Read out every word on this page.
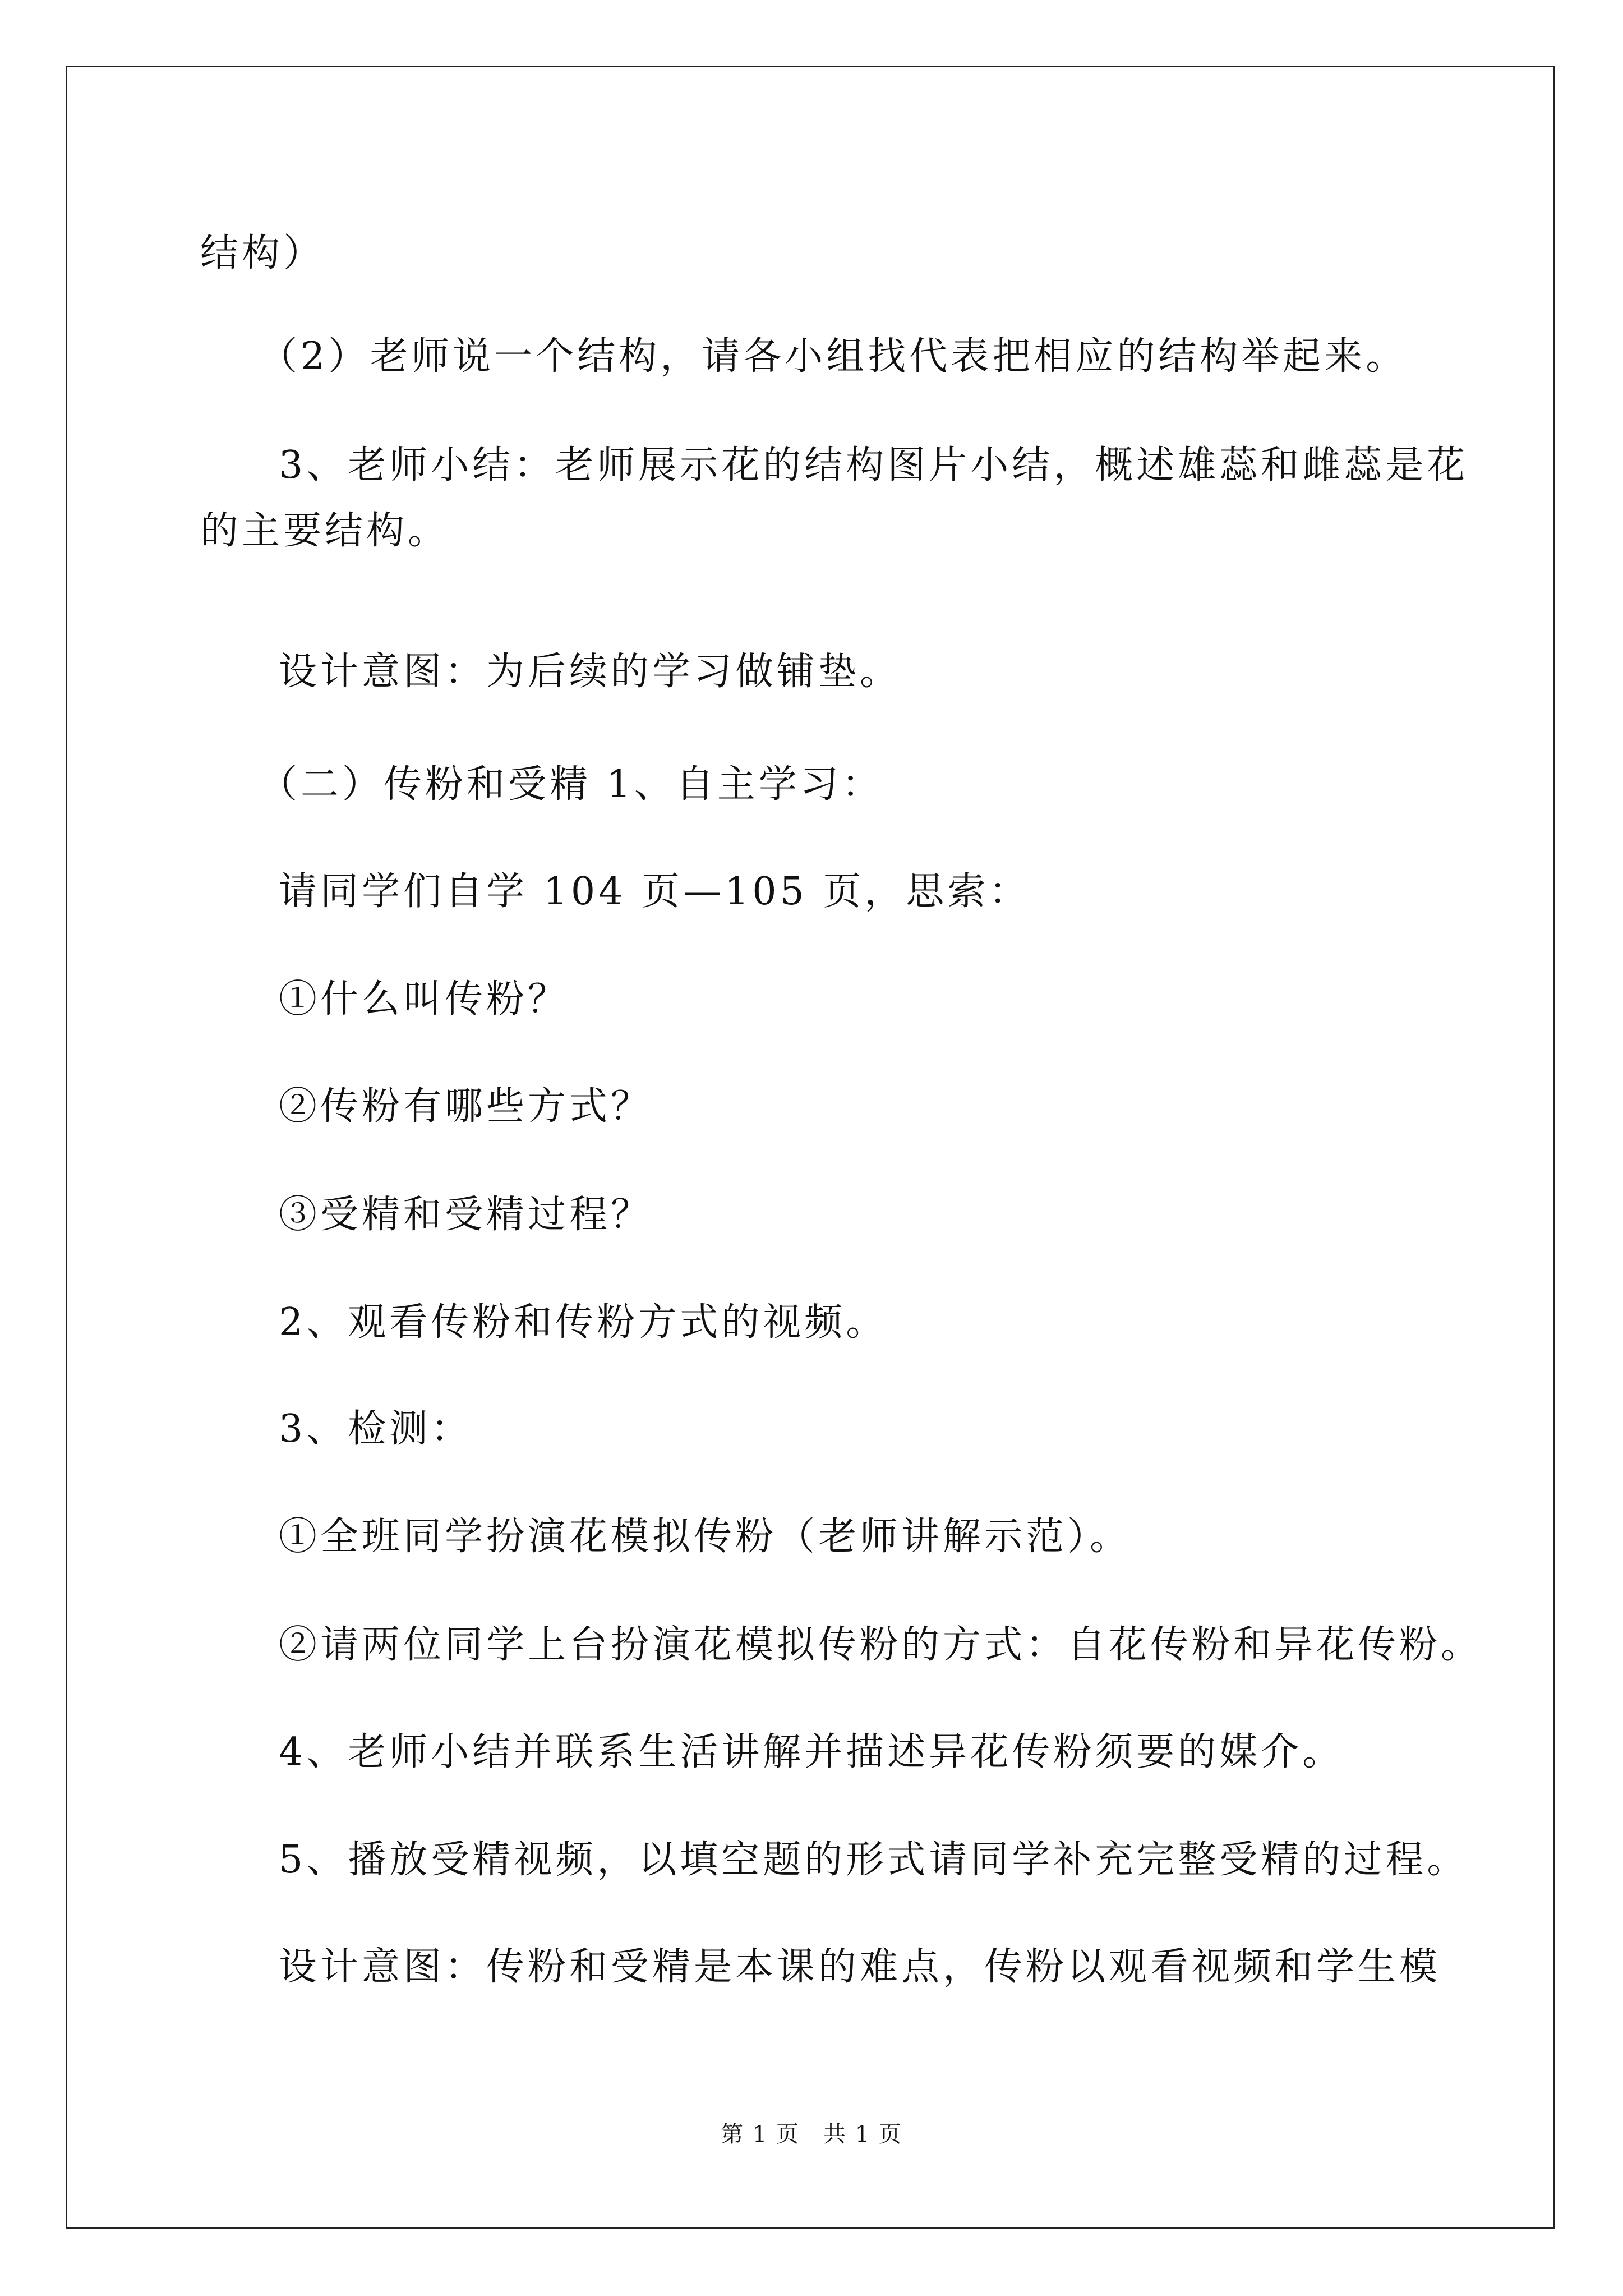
结构）
（2）老师说一个结构，请各小组找代表把相应的结构举起来。
3、老师小结：老师展示花的结构图片小结，概述雄蕊和雌蕊是花
的主要结构。
设计意图：为后续的学习做铺垫。
（二）传粉和受精 1、自主学习：
请同学们自学 104 页—105 页，思索：
①什么叫传粉？
②传粉有哪些方式？
③受精和受精过程？
2、观看传粉和传粉方式的视频。
3、检测：
①全班同学扮演花模拟传粉（老师讲解示范）。
②请两位同学上台扮演花模拟传粉的方式：自花传粉和异花传粉。
4、老师小结并联系生活讲解并描述异花传粉须要的媒介。
5、播放受精视频，以填空题的形式请同学补充完整受精的过程。
设计意图：传粉和受精是本课的难点，传粉以观看视频和学生模
第 1 页　共 1 页
